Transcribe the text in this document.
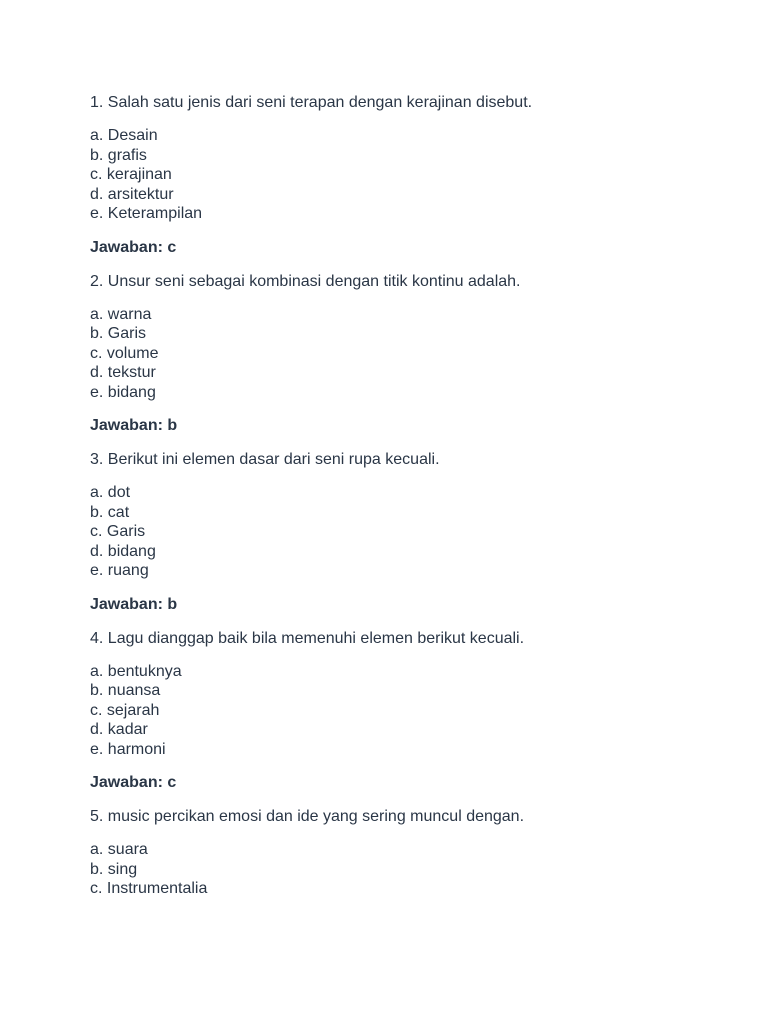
1. Salah satu jenis dari seni terapan dengan kerajinan disebut.
a. Desain
b. grafis
c. kerajinan
d. arsitektur
e. Keterampilan
Jawaban: c
2. Unsur seni sebagai kombinasi dengan titik kontinu adalah.
a. warna
b. Garis
c. volume
d. tekstur
e. bidang
Jawaban: b
3. Berikut ini elemen dasar dari seni rupa kecuali.
a. dot
b. cat
c. Garis
d. bidang
e. ruang
Jawaban: b
4. Lagu dianggap baik bila memenuhi elemen berikut kecuali.
a. bentuknya
b. nuansa
c. sejarah
d. kadar
e. harmoni
Jawaban: c
5. music percikan emosi dan ide yang sering muncul dengan.
a. suara
b. sing
c. Instrumentalia
